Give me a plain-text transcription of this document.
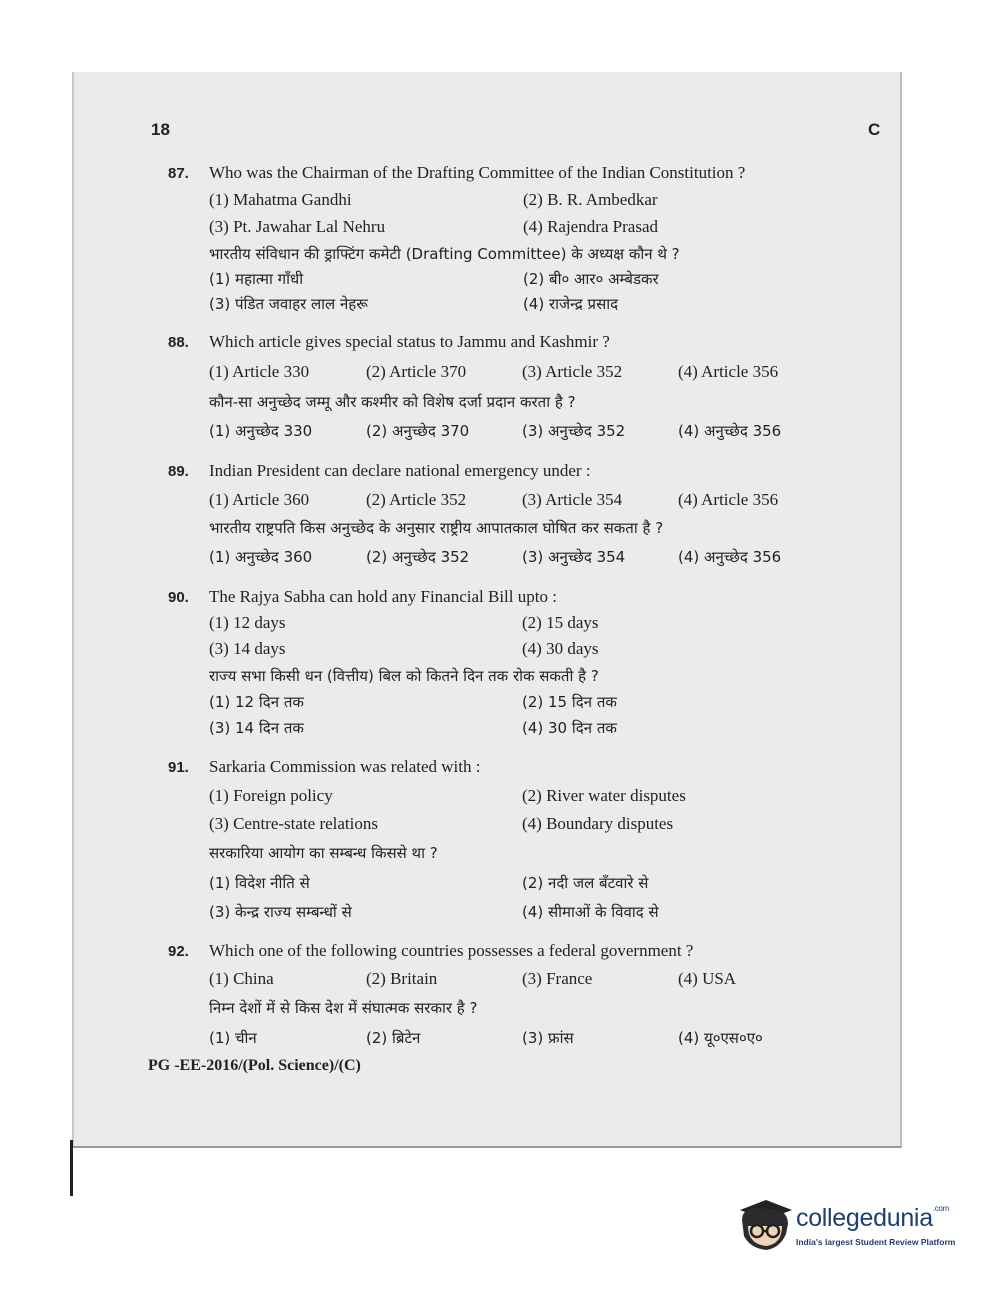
18	C
87. Who was the Chairman of the Drafting Committee of the Indian Constitution ?
(1) Mahatma Gandhi	(2) B. R. Ambedkar
(3) Pt. Jawahar Lal Nehru	(4) Rajendra Prasad
भारतीय संविधान की ड्राफ्टिंग कमेटी (Drafting Committee) के अध्यक्ष कौन थे ?
(1) महात्मा गाँधी	(2) बी० आर० अम्बेडकर
(3) पंडित जवाहर लाल नेहरू	(4) राजेन्द्र प्रसाद
88. Which article gives special status to Jammu and Kashmir ?
(1) Article 330	(2) Article 370	(3) Article 352	(4) Article 356
कौन-सा अनुच्छेद जम्मू और कश्मीर को विशेष दर्जा प्रदान करता है ?
(1) अनुच्छेद 330	(2) अनुच्छेद 370	(3) अनुच्छेद 352	(4) अनुच्छेद 356
89. Indian President can declare national emergency under :
(1) Article 360	(2) Article 352	(3) Article 354	(4) Article 356
भारतीय राष्ट्रपति किस अनुच्छेद के अनुसार राष्ट्रीय आपातकाल घोषित कर सकता है ?
(1) अनुच्छेद 360	(2) अनुच्छेद 352	(3) अनुच्छेद 354	(4) अनुच्छेद 356
90. The Rajya Sabha can hold any Financial Bill upto :
(1) 12 days	(2) 15 days
(3) 14 days	(4) 30 days
राज्य सभा किसी धन (वित्तीय) बिल को कितने दिन तक रोक सकती है ?
(1) 12 दिन तक	(2) 15 दिन तक
(3) 14 दिन तक	(4) 30 दिन तक
91. Sarkaria Commission was related with :
(1) Foreign policy	(2) River water disputes
(3) Centre-state relations	(4) Boundary disputes
सरकारिया आयोग का सम्बन्ध किससे था ?
(1) विदेश नीति से	(2) नदी जल बँटवारे से
(3) केन्द्र राज्य सम्बन्धों से	(4) सीमाओं के विवाद से
92. Which one of the following countries possesses a federal government ?
(1) China	(2) Britain	(3) France	(4) USA
निम्न देशों में से किस देश में संघात्मक सरकार है ?
(1) चीन	(2) ब्रिटेन	(3) फ्रांस	(4) यू०एस०ए०
PG -EE-2016/(Pol. Science)/(C)
collegedunia$^{.com}$
India's largest Student Review Platform
